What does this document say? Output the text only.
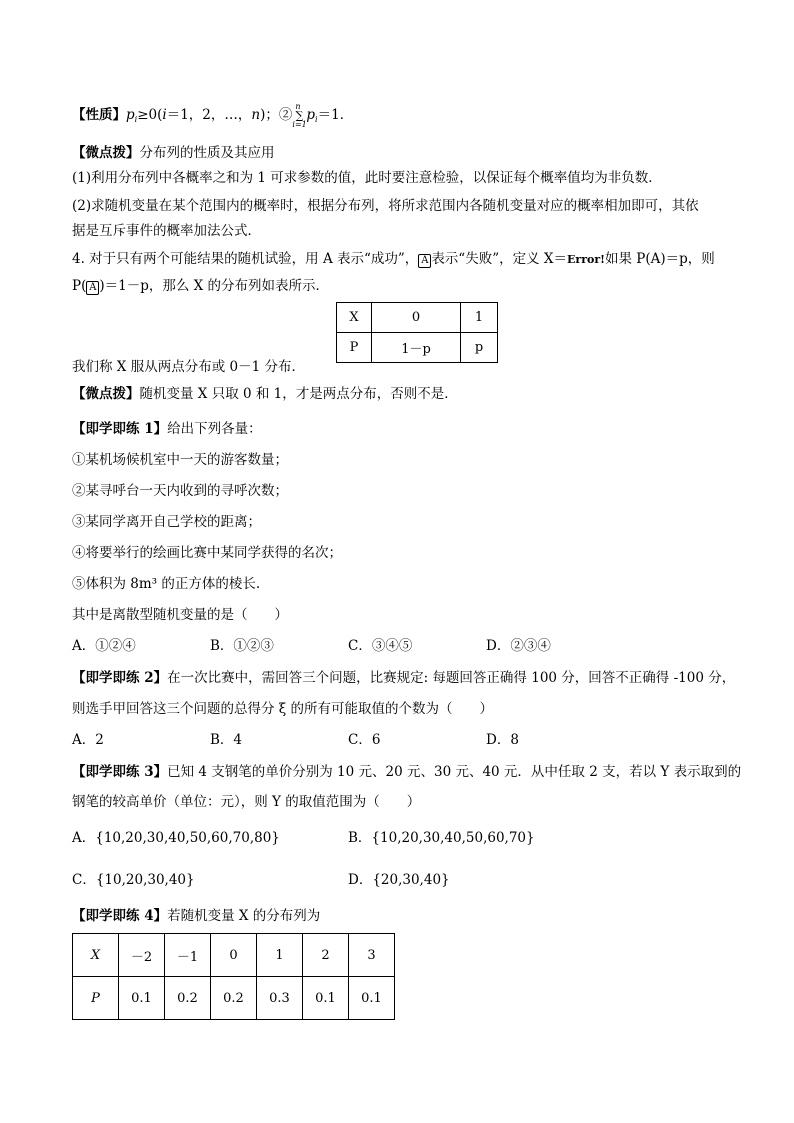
【性质】$p_i\ge 0(i=1$，2，…，n)；②
n
∑
i=1
$p_i=1$．
【微点拨】分布列的性质及其应用
(1)利用分布列中各概率之和为 1 可求参数的值，此时要注意检验，以保证每个概率值均为非负数．
(2)求随机变量在某个范围内的概率时，根据分布列，将所求范围内各随机变量对应的概率相加即可，其依
据是互斥事件的概率加法公式．
4. 对于只有两个可能结果的随机试验，用 A 表示“成功”， A 表示“失败”，定义 X＝Error!如果 P(A)＝p，则
P( A )＝1－p，那么 X 的分布列如表所示．
X	0	1
P	1－p	p
我们称 X 服从两点分布或 0－1 分布．
【微点拨】随机变量 X 只取 0 和 1，才是两点分布，否则不是．
【即学即练 1】给出下列各量：
①某机场候机室中一天的游客数量；
②某寻呼台一天内收到的寻呼次数；
③某同学离开自己学校的距离；
④将要举行的绘画比赛中某同学获得的名次；
⑤体积为 8m³ 的正方体的棱长.
其中是离散型随机变量的是（　　）
A．①②④	B．①②③	C．③④⑤	D．②③④
【即学即练 2】在一次比赛中，需回答三个问题，比赛规定: 每题回答正确得 100 分，回答不正确得 -100 分，
则选手甲回答这三个问题的总得分 ξ 的所有可能取值的个数为（　　）
A．2	B．4	C．6	D．8
【即学即练 3】已知 4 支钢笔的单价分别为 10 元、20 元、30 元、40 元．从中任取 2 支，若以 Y 表示取到的
钢笔的较高单价（单位：元），则 Y 的取值范围为（　　）
A．{10,20,30,40,50,60,70,80}	B．{10,20,30,40,50,60,70}
C．{10,20,30,40}	D．{20,30,40}
【即学即练 4】若随机变量 X 的分布列为
X	－2	－1	0	1	2	3
P	0.1	0.2	0.2	0.3	0.1	0.1
